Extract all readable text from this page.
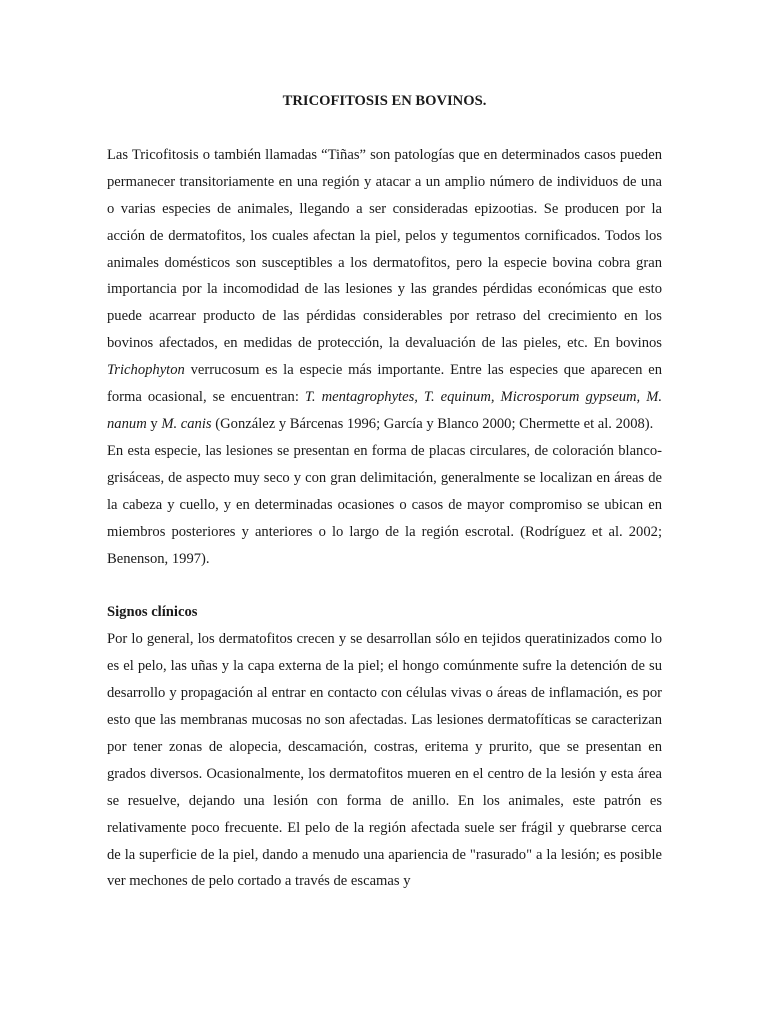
TRICOFITOSIS EN BOVINOS.

Las Tricofitosis o también llamadas “Tiñas” son patologías que en determinados casos pueden permanecer transitoriamente en una región y atacar a un amplio número de individuos de una o varias especies de animales, llegando a ser consideradas epizootias. Se producen por la acción de dermatofitos, los cuales afectan la piel, pelos y tegumentos cornificados. Todos los animales domésticos son susceptibles a los dermatofitos, pero la especie bovina cobra gran importancia por la incomodidad de las lesiones y las grandes pérdidas económicas que esto puede acarrear producto de las pérdidas considerables por retraso del crecimiento en los bovinos afectados, en medidas de protección, la devaluación de las pieles, etc. En bovinos Trichophyton verrucosum es la especie más importante. Entre las especies que aparecen en forma ocasional, se encuentran: T. mentagrophytes, T. equinum, Microsporum gypseum, M. nanum y M. canis (González y Bárcenas 1996; García y Blanco 2000; Chermette et al. 2008).

En esta especie, las lesiones se presentan en forma de placas circulares, de coloración blanco-grisáceas, de aspecto muy seco y con gran delimitación, generalmente se localizan en áreas de la cabeza y cuello, y en determinadas ocasiones o casos de mayor compromiso se ubican en miembros posteriores y anteriores o lo largo de la región escrotal. (Rodríguez et al. 2002; Benenson, 1997).

Signos clínicos

Por lo general, los dermatofitos crecen y se desarrollan sólo en tejidos queratinizados como lo es el pelo, las uñas y la capa externa de la piel; el hongo comúnmente sufre la detención de su desarrollo y propagación al entrar en contacto con células vivas o áreas de inflamación, es por esto que las membranas mucosas no son afectadas. Las lesiones dermatofíticas se caracterizan por tener zonas de alopecia, descamación, costras, eritema y prurito, que se presentan en grados diversos. Ocasionalmente, los dermatofitos mueren en el centro de la lesión y esta área se resuelve, dejando una lesión con forma de anillo. En los animales, este patrón es relativamente poco frecuente. El pelo de la región afectada suele ser frágil y quebrarse cerca de la superficie de la piel, dando a menudo una apariencia de "rasurado" a la lesión; es posible ver mechones de pelo cortado a través de escamas y
